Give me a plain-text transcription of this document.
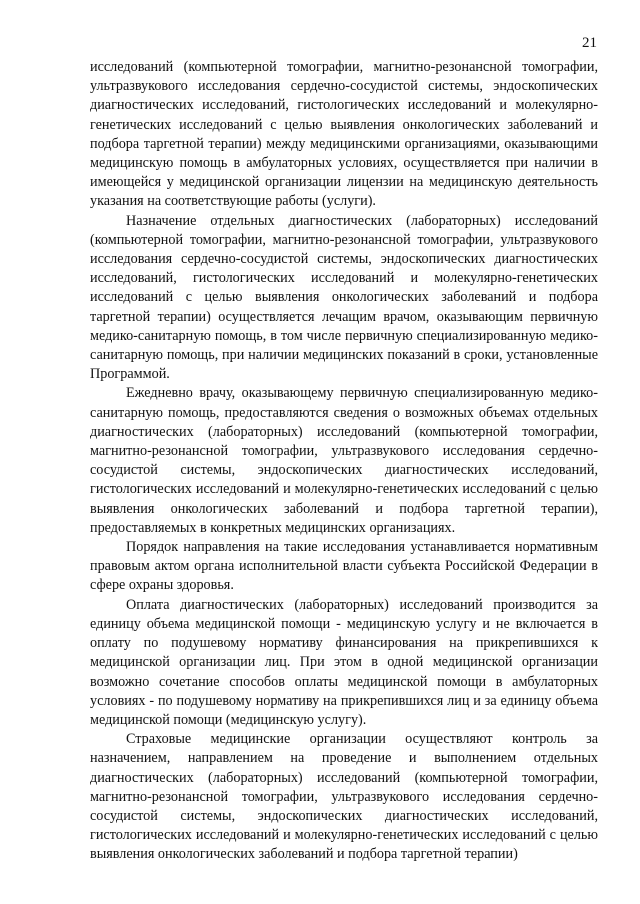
21

исследований (компьютерной томографии, магнитно-резонансной томографии, ультразвукового исследования сердечно-сосудистой системы, эндоскопических диагностических исследований, гистологических исследований и молекулярно-генетических исследований с целью выявления онкологических заболеваний и подбора таргетной терапии) между медицинскими организациями, оказывающими медицинскую помощь в амбулаторных условиях, осуществляется при наличии в имеющейся у медицинской организации лицензии на медицинскую деятельность указания на соответствующие работы (услуги).

Назначение отдельных диагностических (лабораторных) исследований (компьютерной томографии, магнитно-резонансной томографии, ультразвукового исследования сердечно-сосудистой системы, эндоскопических диагностических исследований, гистологических исследований и молекулярно-генетических исследований с целью выявления онкологических заболеваний и подбора таргетной терапии) осуществляется лечащим врачом, оказывающим первичную медико-санитарную помощь, в том числе первичную специализированную медико-санитарную помощь, при наличии медицинских показаний в сроки, установленные Программой.

Ежедневно врачу, оказывающему первичную специализированную медико-санитарную помощь, предоставляются сведения о возможных объемах отдельных диагностических (лабораторных) исследований (компьютерной томографии, магнитно-резонансной томографии, ультразвукового исследования сердечно-сосудистой системы, эндоскопических диагностических исследований, гистологических исследований и молекулярно-генетических исследований с целью выявления онкологических заболеваний и подбора таргетной терапии), предоставляемых в конкретных медицинских организациях.

Порядок направления на такие исследования устанавливается нормативным правовым актом органа исполнительной власти субъекта Российской Федерации в сфере охраны здоровья.

Оплата диагностических (лабораторных) исследований производится за единицу объема медицинской помощи - медицинскую услугу и не включается в оплату по подушевому нормативу финансирования на прикрепившихся к медицинской организации лиц. При этом в одной медицинской организации возможно сочетание способов оплаты медицинской помощи в амбулаторных условиях - по подушевому нормативу на прикрепившихся лиц и за единицу объема медицинской помощи (медицинскую услугу).

Страховые медицинские организации осуществляют контроль за назначением, направлением на проведение и выполнением отдельных диагностических (лабораторных) исследований (компьютерной томографии, магнитно-резонансной томографии, ультразвукового исследования сердечно-сосудистой системы, эндоскопических диагностических исследований, гистологических исследований и молекулярно-генетических исследований с целью выявления онкологических заболеваний и подбора таргетной терапии)
